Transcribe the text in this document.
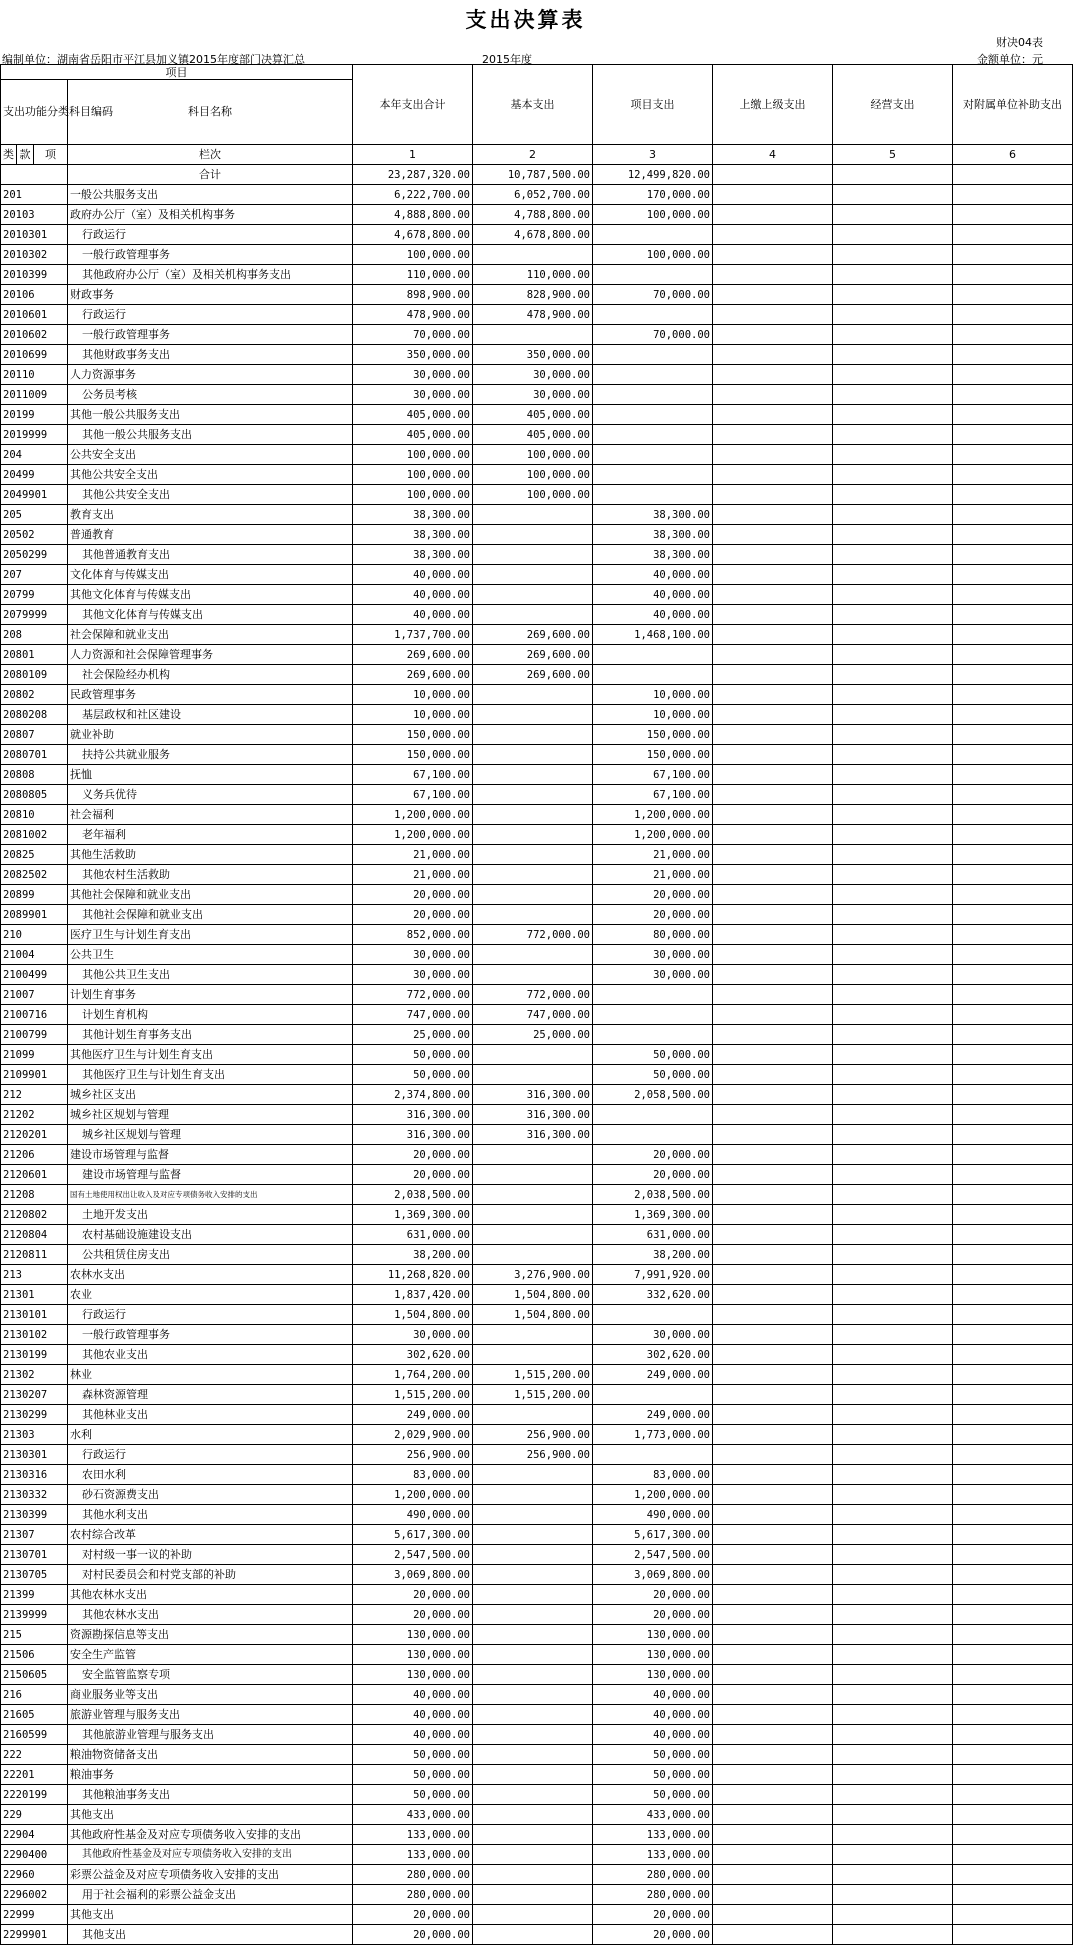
支出决算表
财决04表
编制单位：湖南省岳阳市平江县加义镇2015年度部门决算汇总	2015年度	金额单位：元
项目				本年支出合计	基本支出	项目支出	上缴上级支出	经营支出	对附属单位补助支出
支出功能分类科目编码			科目名称						
类	款	项	栏次	1	2	3	4	5	6
			合计	23,287,320.00	10,787,500.00	12,499,820.00			
201			一般公共服务支出	6,222,700.00	6,052,700.00	170,000.00			
20103			政府办公厅（室）及相关机构事务	4,888,800.00	4,788,800.00	100,000.00			
2010301			行政运行	4,678,800.00	4,678,800.00				
2010302			一般行政管理事务	100,000.00		100,000.00			
2010399			其他政府办公厅（室）及相关机构事务支出	110,000.00	110,000.00				
20106			财政事务	898,900.00	828,900.00	70,000.00			
2010601			行政运行	478,900.00	478,900.00				
2010602			一般行政管理事务	70,000.00		70,000.00			
2010699			其他财政事务支出	350,000.00	350,000.00				
20110			人力资源事务	30,000.00	30,000.00				
2011009			公务员考核	30,000.00	30,000.00				
20199			其他一般公共服务支出	405,000.00	405,000.00				
2019999			其他一般公共服务支出	405,000.00	405,000.00				
204			公共安全支出	100,000.00	100,000.00				
20499			其他公共安全支出	100,000.00	100,000.00				
2049901			其他公共安全支出	100,000.00	100,000.00				
205			教育支出	38,300.00		38,300.00			
20502			普通教育	38,300.00		38,300.00			
2050299			其他普通教育支出	38,300.00		38,300.00			
207			文化体育与传媒支出	40,000.00		40,000.00			
20799			其他文化体育与传媒支出	40,000.00		40,000.00			
2079999			其他文化体育与传媒支出	40,000.00		40,000.00			
208			社会保障和就业支出	1,737,700.00	269,600.00	1,468,100.00			
20801			人力资源和社会保障管理事务	269,600.00	269,600.00				
2080109			社会保险经办机构	269,600.00	269,600.00				
20802			民政管理事务	10,000.00		10,000.00			
2080208			基层政权和社区建设	10,000.00		10,000.00			
20807			就业补助	150,000.00		150,000.00			
2080701			扶持公共就业服务	150,000.00		150,000.00			
20808			抚恤	67,100.00		67,100.00			
2080805			义务兵优待	67,100.00		67,100.00			
20810			社会福利	1,200,000.00		1,200,000.00			
2081002			老年福利	1,200,000.00		1,200,000.00			
20825			其他生活救助	21,000.00		21,000.00			
2082502			其他农村生活救助	21,000.00		21,000.00			
20899			其他社会保障和就业支出	20,000.00		20,000.00			
2089901			其他社会保障和就业支出	20,000.00		20,000.00			
210			医疗卫生与计划生育支出	852,000.00	772,000.00	80,000.00			
21004			公共卫生	30,000.00		30,000.00			
2100499			其他公共卫生支出	30,000.00		30,000.00			
21007			计划生育事务	772,000.00	772,000.00				
2100716			计划生育机构	747,000.00	747,000.00				
2100799			其他计划生育事务支出	25,000.00	25,000.00				
21099			其他医疗卫生与计划生育支出	50,000.00		50,000.00			
2109901			其他医疗卫生与计划生育支出	50,000.00		50,000.00			
212			城乡社区支出	2,374,800.00	316,300.00	2,058,500.00			
21202			城乡社区规划与管理	316,300.00	316,300.00				
2120201			城乡社区规划与管理	316,300.00	316,300.00				
21206			建设市场管理与监督	20,000.00		20,000.00			
2120601			建设市场管理与监督	20,000.00		20,000.00			
21208			国有土地使用权出让收入及对应专项债务收入安排的支出	2,038,500.00		2,038,500.00			
2120802			土地开发支出	1,369,300.00		1,369,300.00			
2120804			农村基础设施建设支出	631,000.00		631,000.00			
2120811			公共租赁住房支出	38,200.00		38,200.00			
213			农林水支出	11,268,820.00	3,276,900.00	7,991,920.00			
21301			农业	1,837,420.00	1,504,800.00	332,620.00			
2130101			行政运行	1,504,800.00	1,504,800.00				
2130102			一般行政管理事务	30,000.00		30,000.00			
2130199			其他农业支出	302,620.00		302,620.00			
21302			林业	1,764,200.00	1,515,200.00	249,000.00			
2130207			森林资源管理	1,515,200.00	1,515,200.00				
2130299			其他林业支出	249,000.00		249,000.00			
21303			水利	2,029,900.00	256,900.00	1,773,000.00			
2130301			行政运行	256,900.00	256,900.00				
2130316			农田水利	83,000.00		83,000.00			
2130332			砂石资源费支出	1,200,000.00		1,200,000.00			
2130399			其他水利支出	490,000.00		490,000.00			
21307			农村综合改革	5,617,300.00		5,617,300.00			
2130701			对村级一事一议的补助	2,547,500.00		2,547,500.00			
2130705			对村民委员会和村党支部的补助	3,069,800.00		3,069,800.00			
21399			其他农林水支出	20,000.00		20,000.00			
2139999			其他农林水支出	20,000.00		20,000.00			
215			资源勘探信息等支出	130,000.00		130,000.00			
21506			安全生产监管	130,000.00		130,000.00			
2150605			安全监管监察专项	130,000.00		130,000.00			
216			商业服务业等支出	40,000.00		40,000.00			
21605			旅游业管理与服务支出	40,000.00		40,000.00			
2160599			其他旅游业管理与服务支出	40,000.00		40,000.00			
222			粮油物资储备支出	50,000.00		50,000.00			
22201			粮油事务	50,000.00		50,000.00			
2220199			其他粮油事务支出	50,000.00		50,000.00			
229			其他支出	433,000.00		433,000.00			
22904			其他政府性基金及对应专项债务收入安排的支出	133,000.00		133,000.00			
2290400			其他政府性基金及对应专项债务收入安排的支出	133,000.00		133,000.00			
22960			彩票公益金及对应专项债务收入安排的支出	280,000.00		280,000.00			
2296002			用于社会福利的彩票公益金支出	280,000.00		280,000.00			
22999			其他支出	20,000.00		20,000.00			
2299901			其他支出	20,000.00		20,000.00			
